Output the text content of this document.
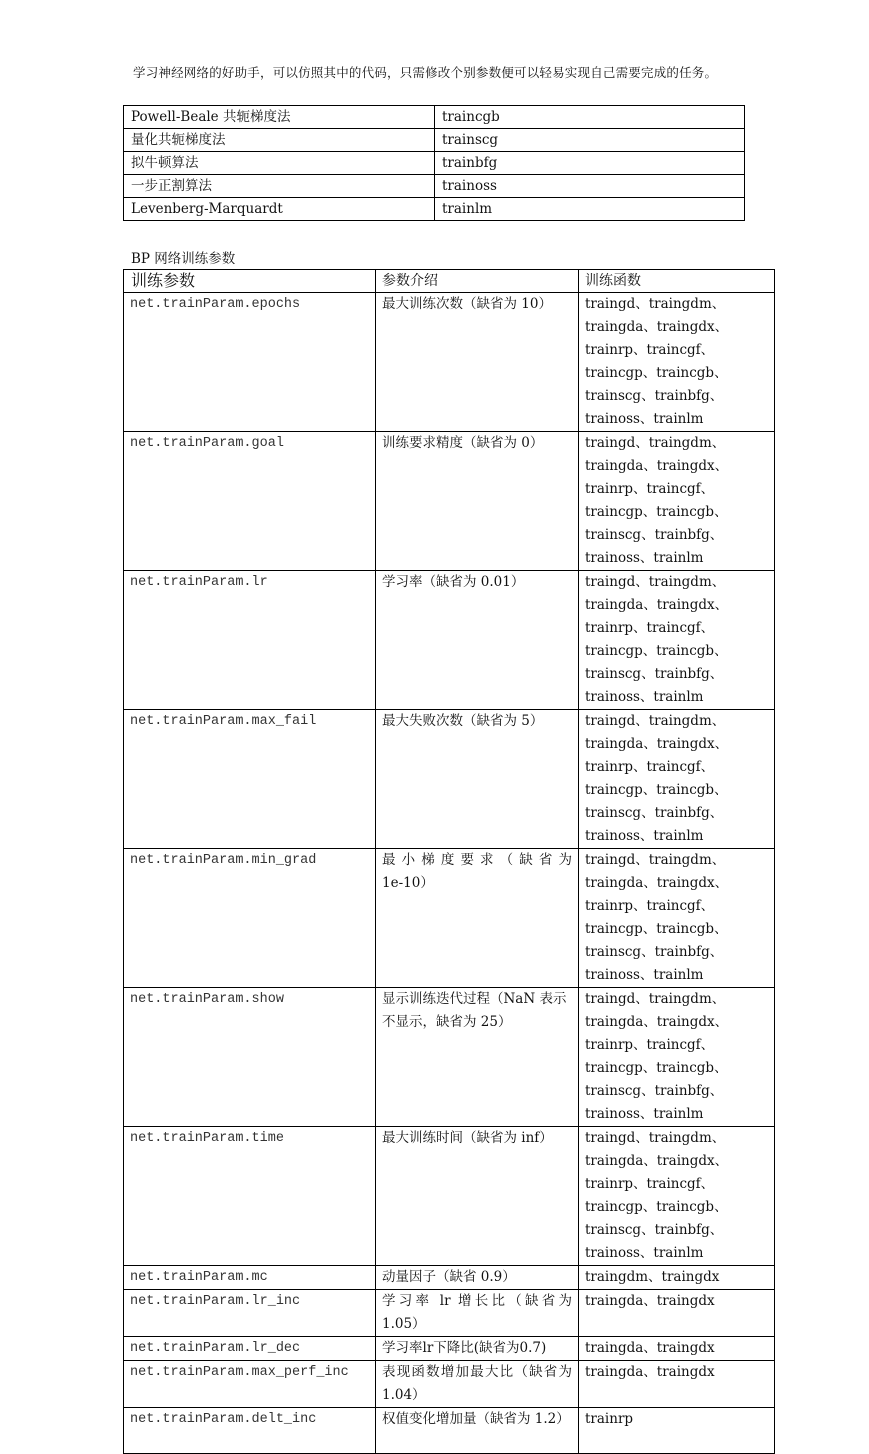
学习神经网络的好助手，可以仿照其中的代码，只需修改个别参数便可以轻易实现自己需要完成的任务。
Powell-Beale 共轭梯度法	traincgb
量化共轭梯度法	trainscg
拟牛顿算法	trainbfg
一步正割算法	trainoss
Levenberg-Marquardt	trainlm
BP 网络训练参数
训练参数	参数介绍	训练函数
net.trainParam.epochs	最大训练次数（缺省为 10）	traingd、traingdm、traingda、traingdx、trainrp、traincgf、traincgp、traincgb、trainscg、trainbfg、trainoss、trainlm
net.trainParam.goal	训练要求精度（缺省为 0）	traingd、traingdm、traingda、traingdx、trainrp、traincgf、traincgp、traincgb、trainscg、trainbfg、trainoss、trainlm
net.trainParam.lr	学习率（缺省为 0.01）	traingd、traingdm、traingda、traingdx、trainrp、traincgf、traincgp、traincgb、trainscg、trainbfg、trainoss、trainlm
net.trainParam.max_fail	最大失败次数（缺省为 5）	traingd、traingdm、traingda、traingdx、trainrp、traincgf、traincgp、traincgb、trainscg、trainbfg、trainoss、trainlm
net.trainParam.min_grad	最 小 梯 度 要 求 （ 缺 省 为 1e-10）	traingd、traingdm、traingda、traingdx、trainrp、traincgf、traincgp、traincgb、trainscg、trainbfg、trainoss、trainlm
net.trainParam.show	显示训练迭代过程（NaN 表示不显示，缺省为 25）	traingd、traingdm、traingda、traingdx、trainrp、traincgf、traincgp、traincgb、trainscg、trainbfg、trainoss、trainlm
net.trainParam.time	最大训练时间（缺省为 inf）	traingd、traingdm、traingda、traingdx、trainrp、traincgf、traincgp、traincgb、trainscg、trainbfg、trainoss、trainlm
net.trainParam.mc	动量因子（缺省 0.9）	traingdm、traingdx
net.trainParam.lr_inc	学习率 lr 增长比（缺省为 1.05）	traingda、traingdx
net.trainParam.lr_dec	学习率lr下降比(缺省为0.7)	traingda、traingdx
net.trainParam.max_perf_inc	表现函数增加最大比（缺省为 1.04）	traingda、traingdx
net.trainParam.delt_inc	权值变化增加量（缺省为 1.2）	trainrp
